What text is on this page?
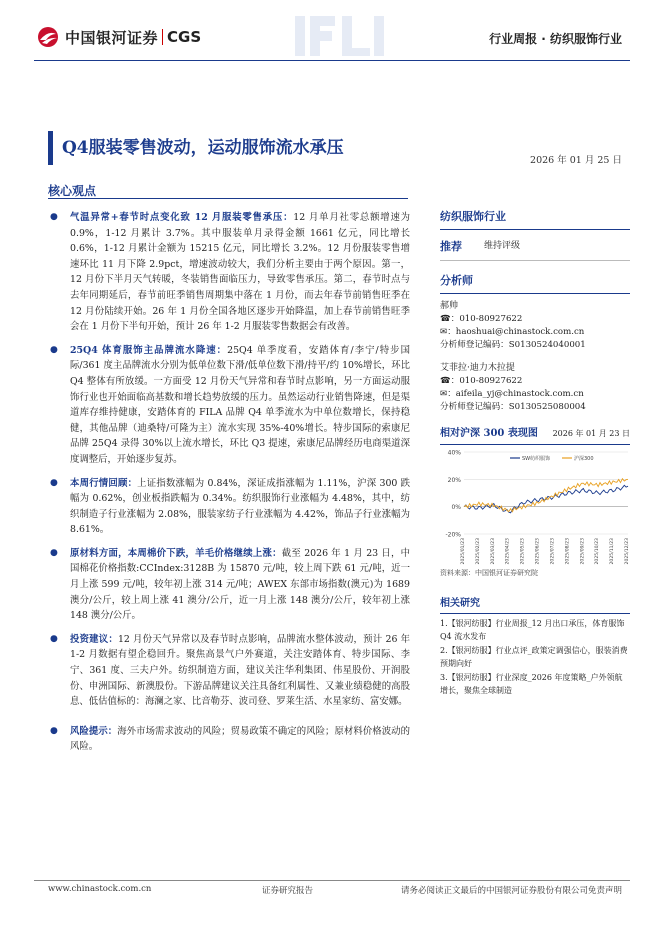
中国银河证券 CGS	行业周报 · 纺织服饰行业
Q4服装零售波动，运动服饰流水承压
2026 年 01 月 25 日
核心观点
● 气温异常+春节时点变化致 12 月服装零售承压：12 月单月社零总额增速为 0.9%，1-12 月累计 3.7%。其中服装单月录得金额 1661 亿元，同比增长 0.6%，1-12 月累计金额为 15215 亿元，同比增长 3.2%。12 月份服装零售增速环比 11 月下降 2.9pct，增速波动较大，我们分析主要由于两个原因。第一，12 月份下半月天气转暖，冬装销售面临压力，导致零售承压。第二，春节时点与去年同期延后，春节前旺季销售周期集中落在 1 月份，而去年春节前销售旺季在 12 月份陆续开始。26 年 1 月份全国各地区逐步开始降温，加上春节前销售旺季会在 1 月份下半旬开始，预计 26 年 1-2 月服装零售数据会有改善。
● 25Q4 体育服饰主品牌流水降速：25Q4 单季度看，安踏体育/李宁/特步国际/361 度主品牌流水分别为低单位数下滑/低单位数下滑/持平/约 10%增长，环比 Q4 整体有所放缓。一方面受 12 月份天气异常和春节时点影响，另一方面运动服饰行业也开始面临高基数和增长趋势放缓的压力。虽然运动行业销售降速，但是渠道库存维持健康，安踏体育的 FILA 品牌 Q4 单季流水为中单位数增长，保持稳健，其他品牌（迪桑特/可隆为主）流水实现 35%-40%增长。特步国际的索康尼品牌 25Q4 录得 30%以上流水增长，环比 Q3 提速，索康尼品牌经历电商渠道深度调整后，开始逐步复苏。
● 本周行情回顾：上证指数涨幅为 0.84%，深证成指涨幅为 1.11%，沪深 300 跌幅为 0.62%，创业板指跌幅为 0.34%。纺织服饰行业涨幅为 4.48%，其中，纺织制造子行业涨幅为 2.08%，服装家纺子行业涨幅为 4.42%，饰品子行业涨幅为 8.61%。
● 原材料方面，本周棉价下跌，羊毛价格继续上涨：截至 2026 年 1 月 23 日，中国棉花价格指数:CCIndex:3128B 为 15870 元/吨，较上周下跌 61 元/吨，近一月上涨 599 元/吨，较年初上涨 314 元/吨；AWEX 东部市场指数(澳元)为 1689 澳分/公斤，较上周上涨 41 澳分/公斤，近一月上涨 148 澳分/公斤，较年初上涨 148 澳分/公斤。
● 投资建议：12 月份天气异常以及春节时点影响，品牌流水整体波动，预计 26 年 1-2 月数据有望企稳回升。聚焦高景气户外赛道，关注安踏体育、特步国际、李宁、361 度、三夫户外。纺织制造方面，建议关注华利集团、伟星股份、开润股份、申洲国际、新澳股份。下游品牌建议关注具备红利属性、又兼业绩稳健的高股息、低估值标的：海澜之家、比音勒芬、波司登、罗莱生活、水星家纺、富安娜。
● 风险提示：海外市场需求波动的风险；贸易政策不确定的风险；原材料价格波动的风险。
纺织服饰行业
推荐 维持评级
分析师
郝帅
☎：010-80927622
✉：haoshuai@chinastock.com.cn
分析师登记编码：S0130524040001
艾菲拉·迪力木拉提
☎：010-80927622
✉：aifeila_yj@chinastock.com.cn
分析师登记编码：S0130525080004
相对沪深 300 表现图 2026 年 01 月 23 日
40%
20%
0%
-20%
2025/01/23 2025/02/23 2025/03/23 2025/04/23 2025/05/23 2025/06/23 2025/07/23 2025/08/23 2025/09/23 2025/10/23 2025/11/23 2025/12/23
SW纺织服饰	沪深300
资料来源：中国银河证券研究院
相关研究
1.【银河纺服】行业周报_12 月出口承压，体育服饰 Q4 流水发布
2.【银河纺服】行业点评_政策定调强信心，服装消费预期向好
3.【银河纺服】行业深度_2026 年度策略_户外领航增长，聚焦全球制造
www.chinastock.com.cn	证券研究报告	请务必阅读正文最后的中国银河证券股份有限公司免责声明
